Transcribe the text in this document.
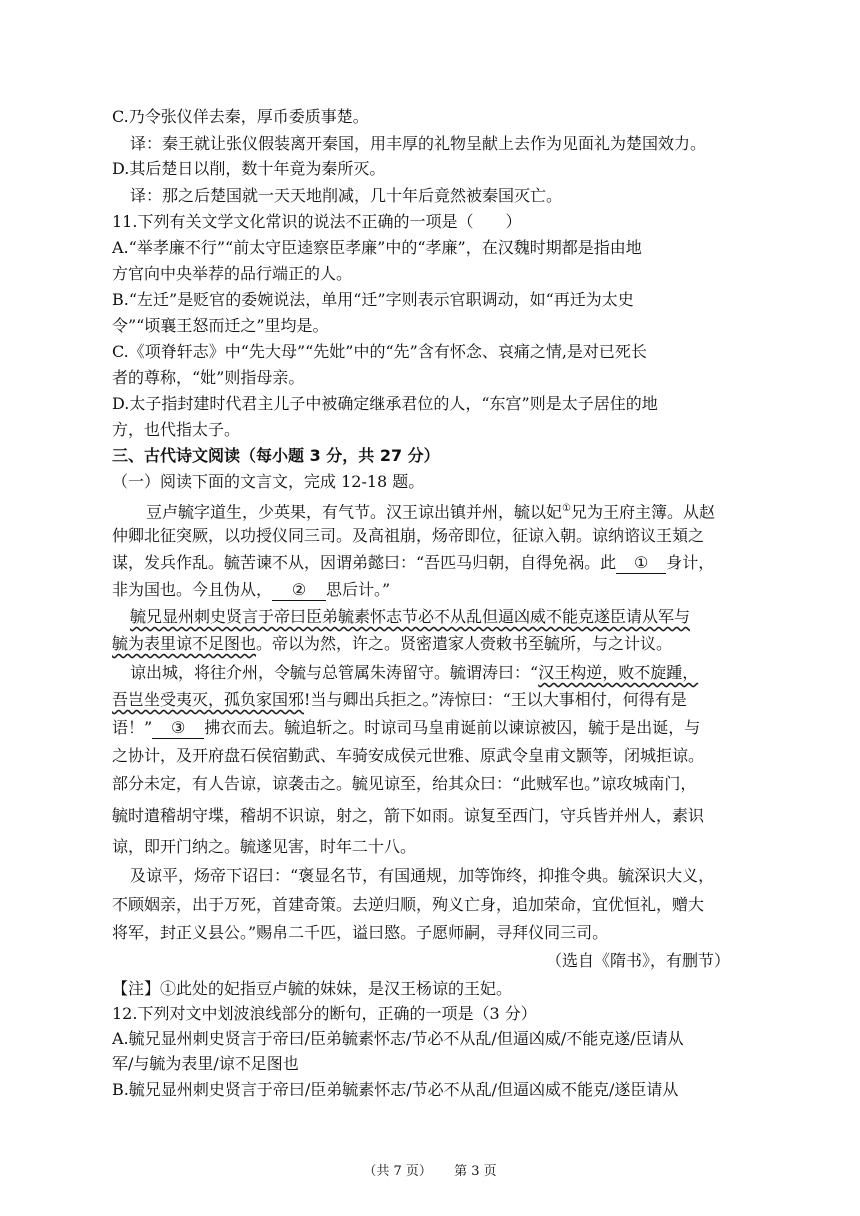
C.乃令张仪佯去秦，厚币委质事楚。
译：秦王就让张仪假装离开秦国，用丰厚的礼物呈献上去作为见面礼为楚国效力。
D.其后楚日以削，数十年竟为秦所灭。
译：那之后楚国就一天天地削减，几十年后竟然被秦国灭亡。
11.下列有关文学文化常识的说法不正确的一项是（　　）
A.“举孝廉不行”“前太守臣逵察臣孝廉”中的“孝廉”，在汉魏时期都是指由地
方官向中央举荐的品行端正的人。
B.“左迁”是贬官的委婉说法，单用“迁”字则表示官职调动，如“再迁为太史
令”“顷襄王怒而迁之”里均是。
C.《项脊轩志》中“先大母”“先妣”中的“先”含有怀念、哀痛之情,是对已死长
者的尊称，“妣”则指母亲。
D.太子指封建时代君主儿子中被确定继承君位的人，“东宫”则是太子居住的地
方，也代指太子。
三、古代诗文阅读（每小题 3 分，共 27 分）
（一）阅读下面的文言文，完成 12-18 题。
豆卢毓字道生，少英果，有气节。汉王谅出镇并州，毓以妃①兄为王府主簿。从赵
仲卿北征突厥，以功授仪同三司。及高祖崩，炀帝即位，征谅入朝。谅纳谘议王頍之
谋，发兵作乱。毓苦谏不从，因谓弟懿曰：“吾匹马归朝，自得免祸。此 ① 身计，
非为国也。今且伪从， ② 思后计。”
毓兄显州刺史贤言于帝曰臣弟毓素怀志节必不从乱但逼凶威不能克遂臣请从军与
毓为表里谅不足图也。帝以为然，许之。贤密遣家人赍敕书至毓所，与之计议。
谅出城，将往介州，令毓与总管属朱涛留守。毓谓涛曰：“汉王构逆，败不旋踵，
吾岂坐受夷灭，孤负家国邪!当与卿出兵拒之。”涛惊曰：“王以大事相付，何得有是
语！” ③ 拂衣而去。毓追斩之。时谅司马皇甫诞前以谏谅被囚，毓于是出诞，与
之协计，及开府盘石侯宿勤武、车骑安成侯元世雅、原武令皇甫文颢等，闭城拒谅。
部分未定，有人告谅，谅袭击之。毓见谅至，绐其众曰：“此贼军也。”谅攻城南门，
毓时遣稽胡守堞，稽胡不识谅，射之，箭下如雨。谅复至西门，守兵皆并州人，素识
谅，即开门纳之。毓遂见害，时年二十八。
及谅平，炀帝下诏曰：“褒显名节，有国通规，加等饰终，抑推令典。毓深识大义，
不顾姻亲，出于万死，首建奇策。去逆归顺，殉义亡身，追加荣命，宜优恒礼，赠大
将军，封正义县公。”赐帛二千匹，谥曰愍。子愿师嗣，寻拜仪同三司。
（选自《隋书》，有删节）
【注】①此处的妃指豆卢毓的妹妹，是汉王杨谅的王妃。
12.下列对文中划波浪线部分的断句，正确的一项是（3 分）
A.毓兄显州刺史贤言于帝曰/臣弟毓素怀志/节必不从乱/但逼凶威/不能克遂/臣请从
军/与毓为表里/谅不足图也
B.毓兄显州刺史贤言于帝曰/臣弟毓素怀志/节必不从乱/但逼凶威不能克/遂臣请从
（共 7 页） 第 3 页
